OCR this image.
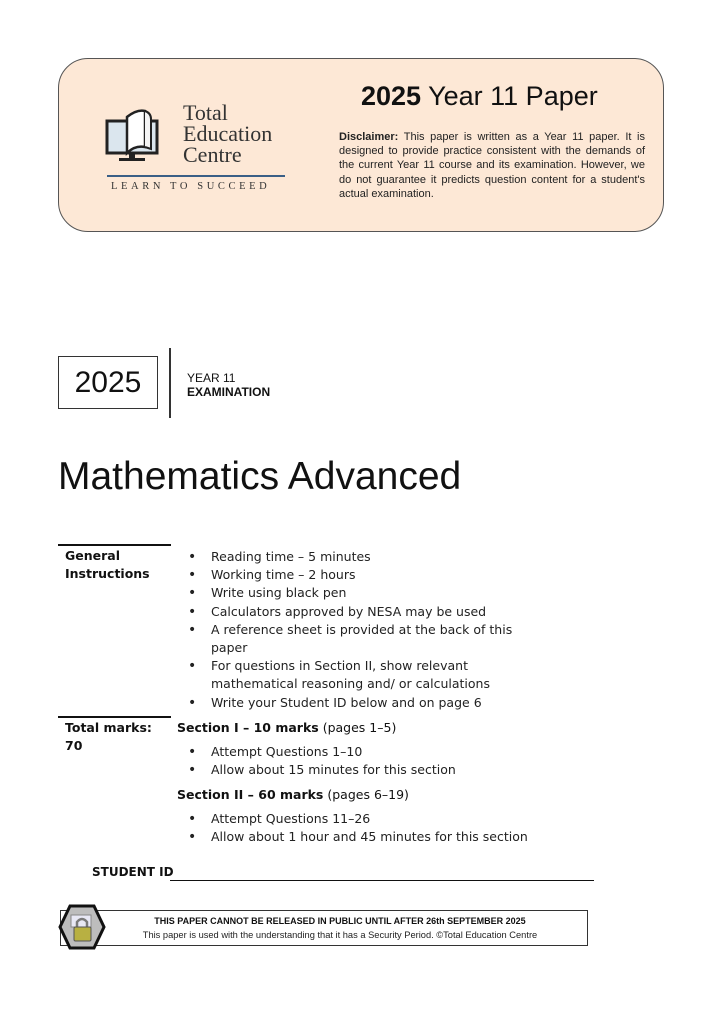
Total
Education
Centre
LEARN TO SUCCEED
2025 Year 11 Paper
Disclaimer: This paper is written as a Year 11 paper. It is designed to provide practice consistent with the demands of the current Year 11 course and its examination. However, we do not guarantee it predicts question content for a student's actual examination.
2025	YEAR 11
EXAMINATION
Mathematics Advanced
General
Instructions
• Reading time – 5 minutes
• Working time – 2 hours
• Write using black pen
• Calculators approved by NESA may be used
• A reference sheet is provided at the back of this paper
• For questions in Section II, show relevant mathematical reasoning and/ or calculations
• Write your Student ID below and on page 6
Total marks:
70
Section I – 10 marks (pages 1–5)
• Attempt Questions 1–10
• Allow about 15 minutes for this section
Section II – 60 marks (pages 6–19)
• Attempt Questions 11–26
• Allow about 1 hour and 45 minutes for this section
STUDENT ID
THIS PAPER CANNOT BE RELEASED IN PUBLIC UNTIL AFTER 26th SEPTEMBER 2025
This paper is used with the understanding that it has a Security Period. ©Total Education Centre
